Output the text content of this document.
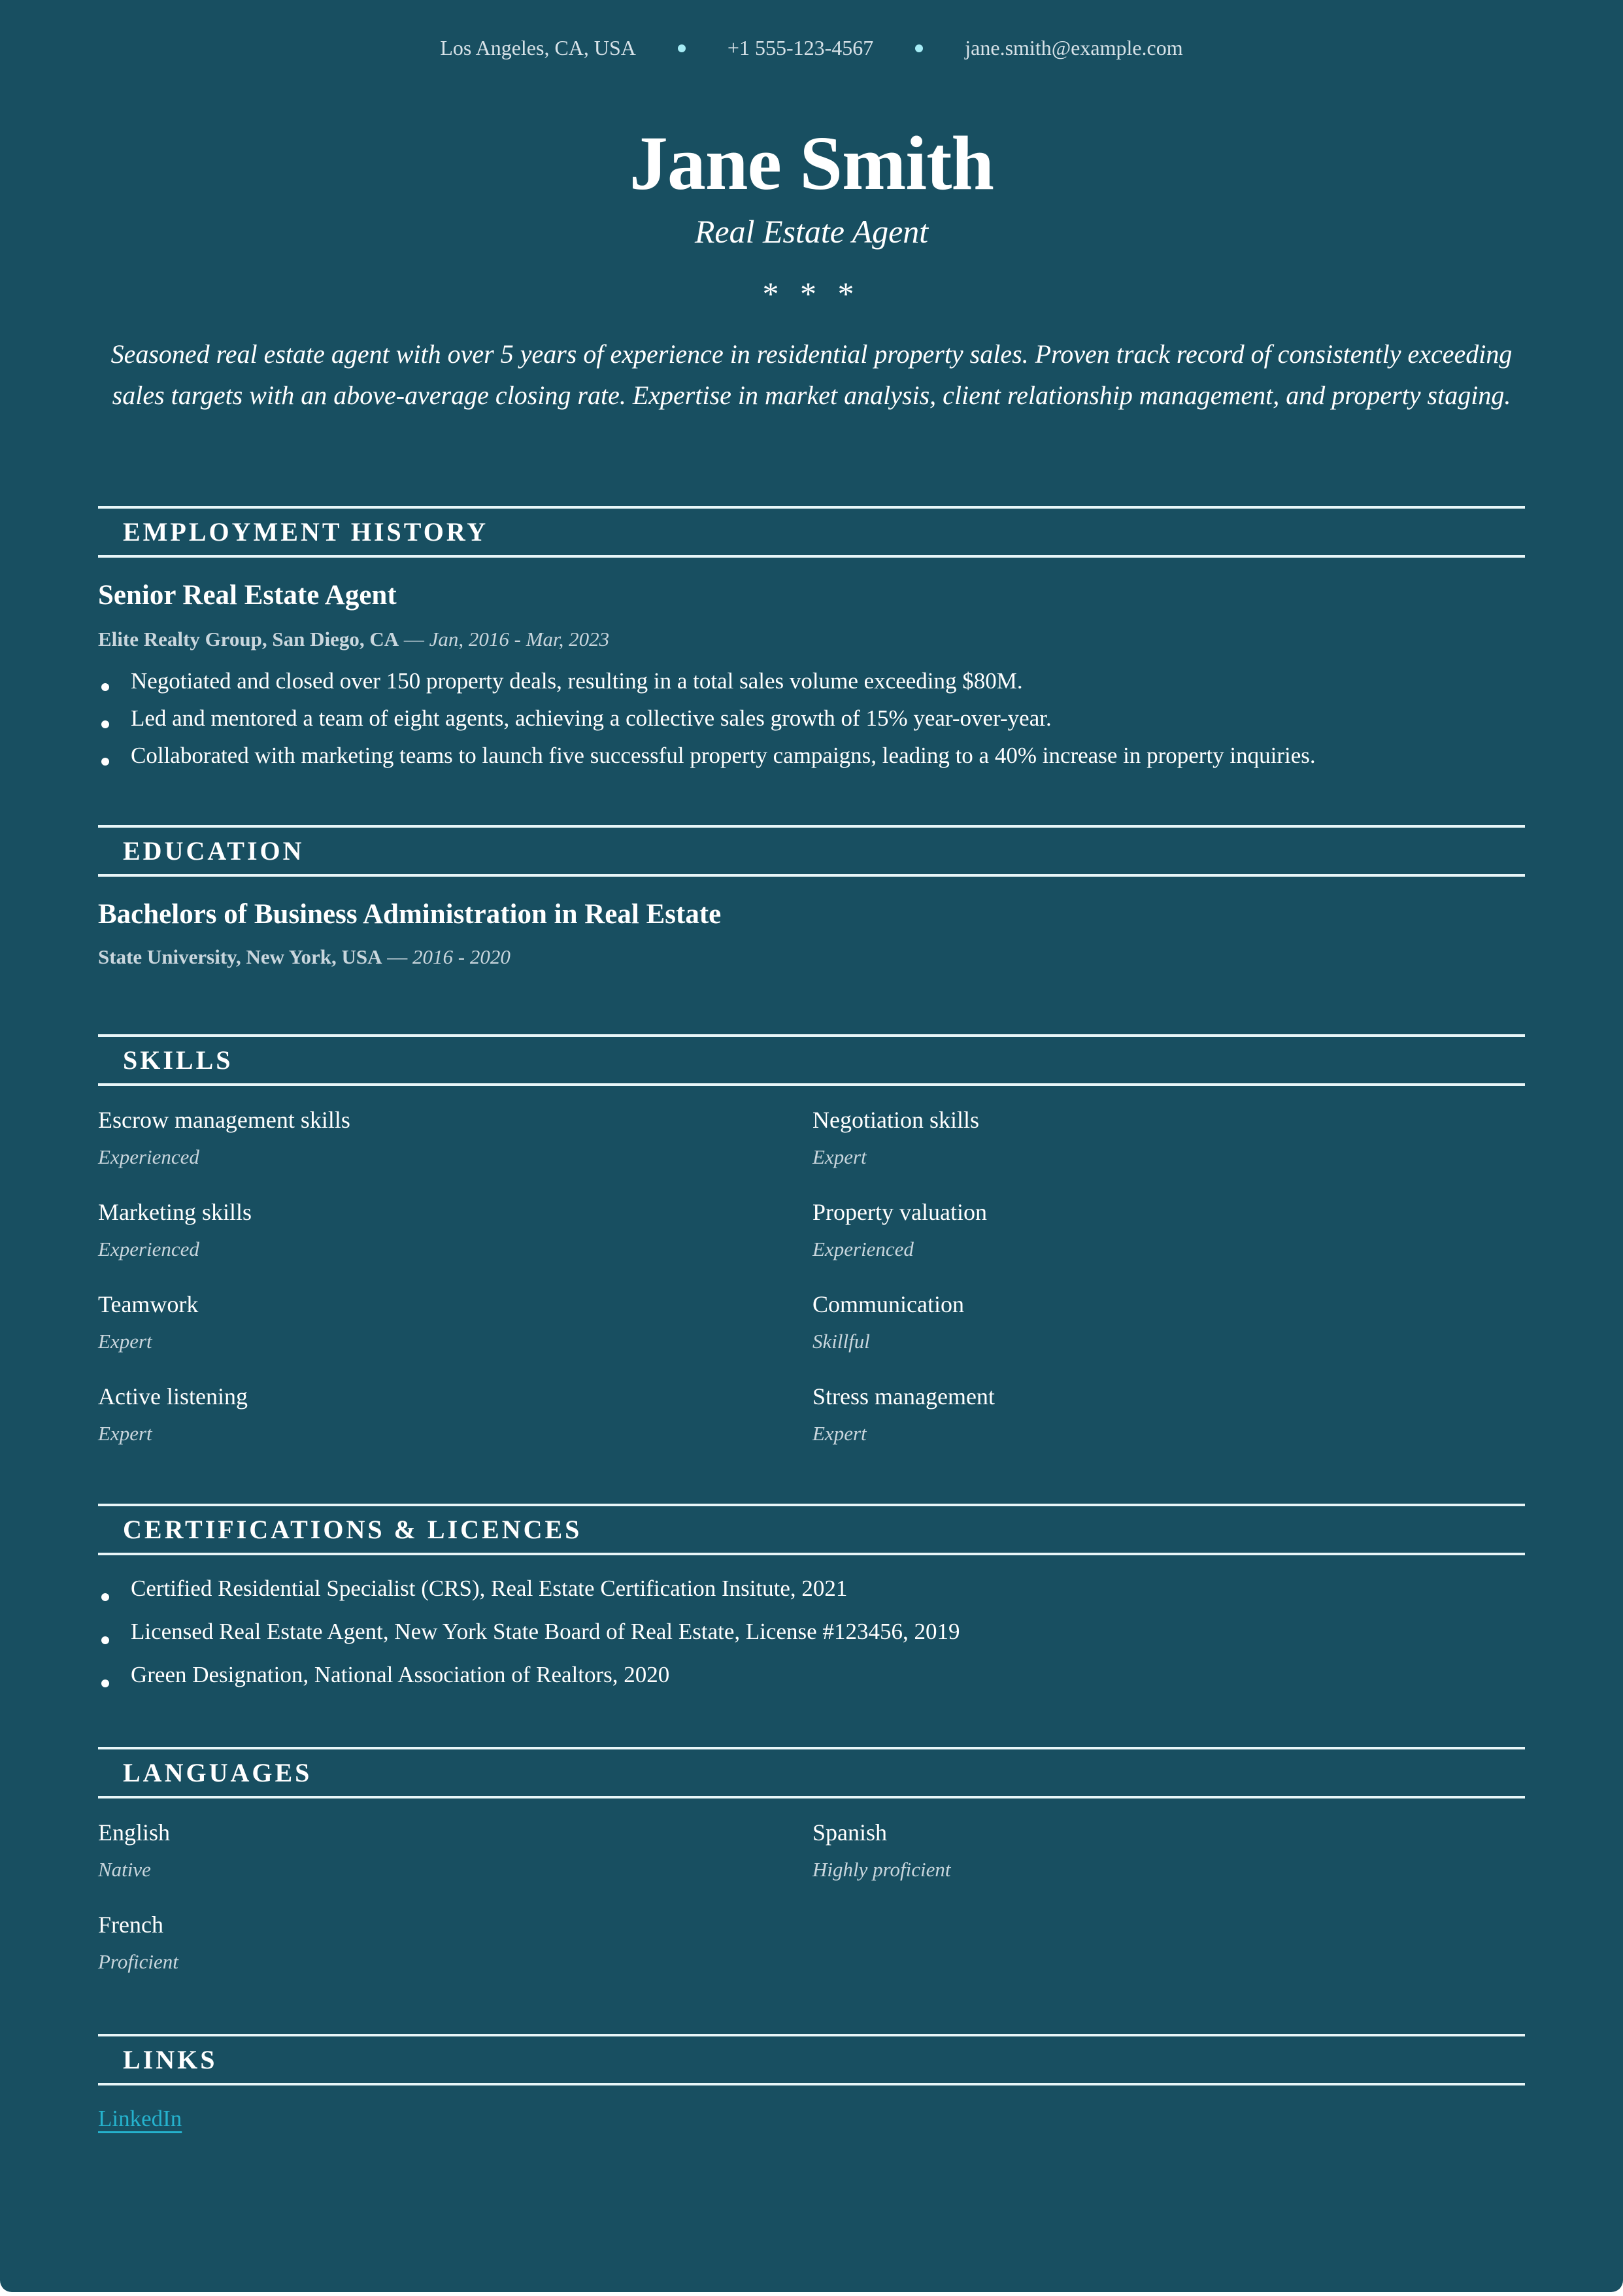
Los Angeles, CA, USA	+1 555-123-4567	jane.smith@example.com
Jane Smith
Real Estate Agent
* * *
Seasoned real estate agent with over 5 years of experience in residential property sales. Proven track record of consistently exceeding sales targets with an above-average closing rate. Expertise in market analysis, client relationship management, and property staging.
EMPLOYMENT HISTORY
Senior Real Estate Agent
Elite Realty Group, San Diego, CA — Jan, 2016 - Mar, 2023
Negotiated and closed over 150 property deals, resulting in a total sales volume exceeding $80M.
Led and mentored a team of eight agents, achieving a collective sales growth of 15% year-over-year.
Collaborated with marketing teams to launch five successful property campaigns, leading to a 40% increase in property inquiries.
EDUCATION
Bachelors of Business Administration in Real Estate
State University, New York, USA — 2016 - 2020
SKILLS
Escrow management skills
Experienced
Negotiation skills
Expert
Marketing skills
Experienced
Property valuation
Experienced
Teamwork
Expert
Communication
Skillful
Active listening
Expert
Stress management
Expert
CERTIFICATIONS & LICENCES
Certified Residential Specialist (CRS), Real Estate Certification Insitute, 2021
Licensed Real Estate Agent, New York State Board of Real Estate, License #123456, 2019
Green Designation, National Association of Realtors, 2020
LANGUAGES
English
Native
Spanish
Highly proficient
French
Proficient
LINKS
LinkedIn
